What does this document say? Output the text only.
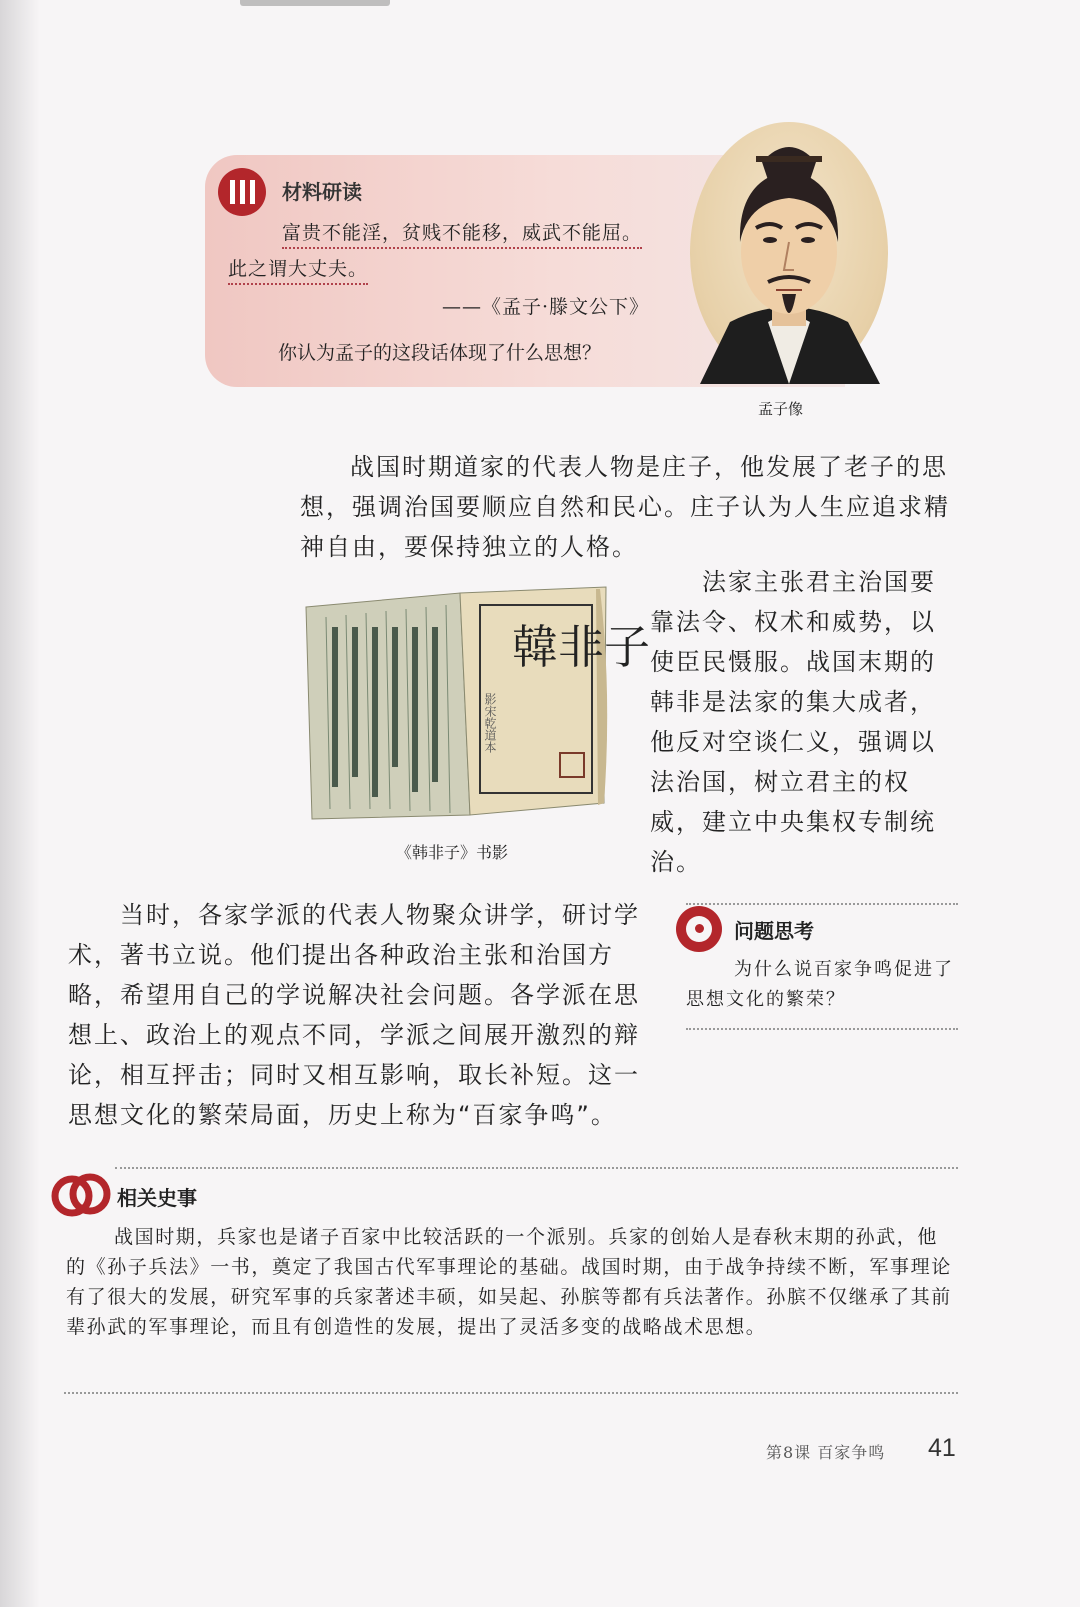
材料研读
富贵不能淫，贫贱不能移，威武不能屈。
此之谓大丈夫。
——《孟子·滕文公下》
你认为孟子的这段话体现了什么思想？
孟子像
战国时期道家的代表人物是庄子，他发展了老子的思想，强调治国要顺应自然和民心。庄子认为人生应追求精神自由，要保持独立的人格。
韓非子
影宋乾道本
《韩非子》书影
法家主张君主治国要靠法令、权术和威势，以使臣民慑服。战国末期的韩非是法家的集大成者，他反对空谈仁义，强调以法治国，树立君主的权威，建立中央集权专制统治。
当时，各家学派的代表人物聚众讲学，研讨学术，著书立说。他们提出各种政治主张和治国方略，希望用自己的学说解决社会问题。各学派在思想上、政治上的观点不同，学派之间展开激烈的辩论，相互抨击；同时又相互影响，取长补短。这一思想文化的繁荣局面，历史上称为“百家争鸣”。
问题思考
为什么说百家争鸣促进了思想文化的繁荣？
相关史事
战国时期，兵家也是诸子百家中比较活跃的一个派别。兵家的创始人是春秋末期的孙武，他的《孙子兵法》一书，奠定了我国古代军事理论的基础。战国时期，由于战争持续不断，军事理论有了很大的发展，研究军事的兵家著述丰硕，如吴起、孙膑等都有兵法著作。孙膑不仅继承了其前辈孙武的军事理论，而且有创造性的发展，提出了灵活多变的战略战术思想。
第8课 百家争鸣 41
